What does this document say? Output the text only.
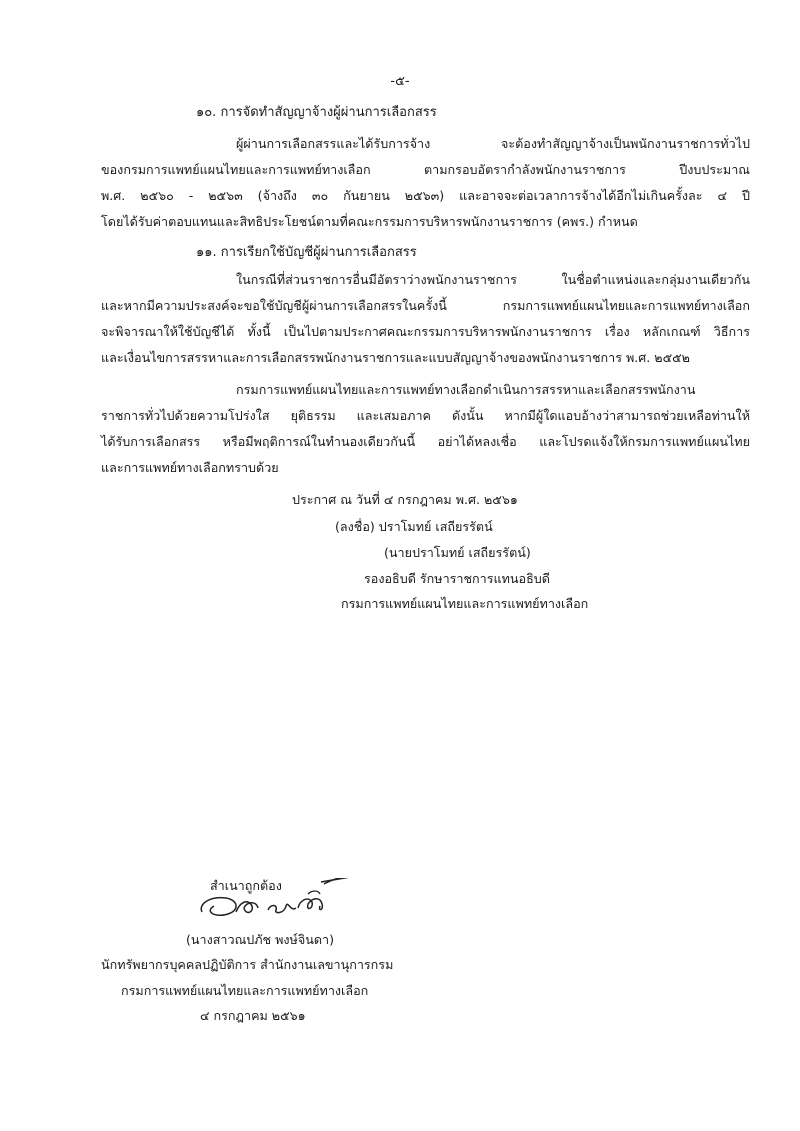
-๕-
๑๐. การจัดทำสัญญาจ้างผู้ผ่านการเลือกสรร
ผู้ผ่านการเลือกสรรและได้รับการจ้าง จะต้องทำสัญญาจ้างเป็นพนักงานราชการทั่วไป
ของกรมการแพทย์แผนไทยและการแพทย์ทางเลือก ตามกรอบอัตรากำลังพนักงานราชการ ปีงบประมาณ
พ.ศ. ๒๕๖๐ - ๒๕๖๓ (จ้างถึง ๓๐ กันยายน ๒๕๖๓) และอาจจะต่อเวลาการจ้างได้อีกไม่เกินครั้งละ ๔ ปี
โดยได้รับค่าตอบแทนและสิทธิประโยชน์ตามที่คณะกรรมการบริหารพนักงานราชการ (คพร.) กำหนด
๑๑. การเรียกใช้บัญชีผู้ผ่านการเลือกสรร
ในกรณีที่ส่วนราชการอื่นมีอัตราว่างพนักงานราชการ ในชื่อตำแหน่งและกลุ่มงานเดียวกัน
และหากมีความประสงค์จะขอใช้บัญชีผู้ผ่านการเลือกสรรในครั้งนี้ กรมการแพทย์แผนไทยและการแพทย์ทางเลือก
จะพิจารณาให้ใช้บัญชีได้ ทั้งนี้ เป็นไปตามประกาศคณะกรรมการบริหารพนักงานราชการ เรื่อง หลักเกณฑ์ วิธีการ
และเงื่อนไขการสรรหาและการเลือกสรรพนักงานราชการและแบบสัญญาจ้างของพนักงานราชการ พ.ศ. ๒๕๕๒
กรมการแพทย์แผนไทยและการแพทย์ทางเลือกดำเนินการสรรหาและเลือกสรรพนักงาน
ราชการทั่วไปด้วยความโปร่งใส ยุติธรรม และเสมอภาค ดังนั้น หากมีผู้ใดแอบอ้างว่าสามารถช่วยเหลือท่านให้
ได้รับการเลือกสรร หรือมีพฤติการณ์ในทำนองเดียวกันนี้ อย่าได้หลงเชื่อ และโปรดแจ้งให้กรมการแพทย์แผนไทย
และการแพทย์ทางเลือกทราบด้วย
ประกาศ ณ วันที่ ๔ กรกฎาคม พ.ศ. ๒๕๖๑
(ลงชื่อ) ปราโมทย์ เสถียรรัตน์
(นายปราโมทย์ เสถียรรัตน์)
รองอธิบดี รักษาราชการแทนอธิบดี
กรมการแพทย์แผนไทยและการแพทย์ทางเลือก
สำเนาถูกต้อง
(นางสาวณปภัช พงษ์จินดา)
นักทรัพยากรบุคคลปฏิบัติการ สำนักงานเลขานุการกรม
กรมการแพทย์แผนไทยและการแพทย์ทางเลือก
๔ กรกฎาคม ๒๕๖๑
